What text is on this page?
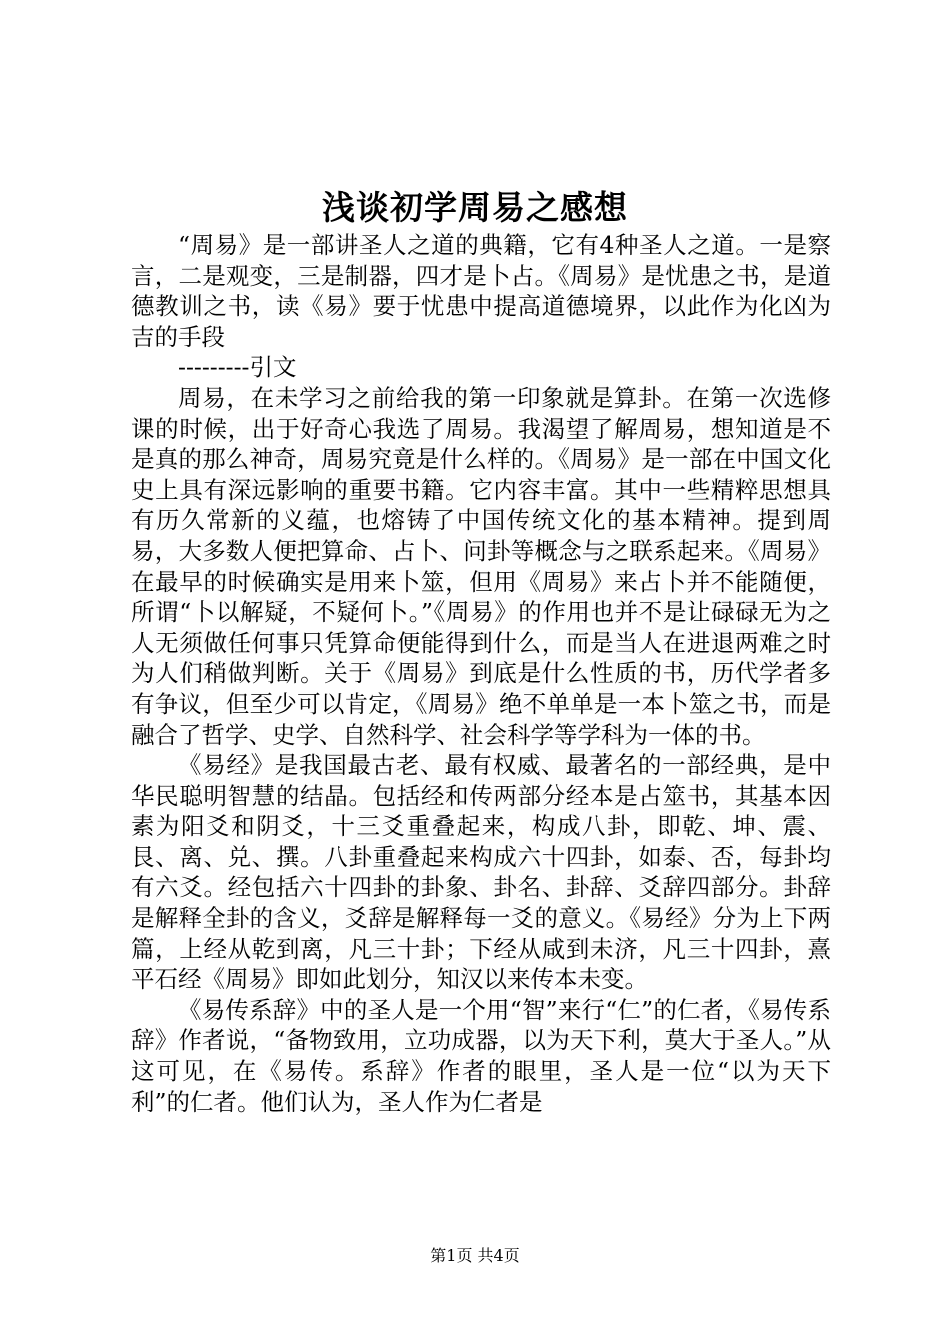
浅谈初学周易之感想

“周易》是一部讲圣人之道的典籍，它有4种圣人之道。一是察言，二是观变，三是制器，四才是卜占。《周易》是忧患之书，是道德教训之书，读《易》要于忧患中提高道德境界，以此作为化凶为吉的手段

---------引文

周易，在未学习之前给我的第一印象就是算卦。在第一次选修课的时候，出于好奇心我选了周易。我渴望了解周易，想知道是不是真的那么神奇，周易究竟是什么样的。《周易》是一部在中国文化史上具有深远影响的重要书籍。它内容丰富。其中一些精粹思想具有历久常新的义蕴，也熔铸了中国传统文化的基本精神。提到周易，大多数人便把算命、占卜、问卦等概念与之联系起来。《周易》在最早的时候确实是用来卜筮，但用《周易》来占卜并不能随便，所谓“卜以解疑，不疑何卜。”《周易》的作用也并不是让碌碌无为之人无须做任何事只凭算命便能得到什么，而是当人在进退两难之时为人们稍做判断。关于《周易》到底是什么性质的书，历代学者多有争议，但至少可以肯定，《周易》绝不单单是一本卜筮之书，而是融合了哲学、史学、自然科学、社会科学等学科为一体的书。

《易经》是我国最古老、最有权威、最著名的一部经典，是中华民聪明智慧的结晶。包括经和传两部分经本是占筮书，其基本因素为阳爻和阴爻，十三爻重叠起来，构成八卦，即乾、坤、震、艮、离、兑、撰。八卦重叠起来构成六十四卦，如泰、否，每卦均有六爻。经包括六十四卦的卦象、卦名、卦辞、爻辞四部分。卦辞是解释全卦的含义，爻辞是解释每一爻的意义。《易经》分为上下两篇，上经从乾到离，凡三十卦；下经从咸到未济，凡三十四卦，熹平石经《周易》即如此划分，知汉以来传本未变。

《易传系辞》中的圣人是一个用“智”来行“仁”的仁者，《易传系辞》作者说，“备物致用，立功成器，以为天下利，莫大于圣人。”从这可见，在《易传。系辞》作者的眼里，圣人是一位“以为天下利”的仁者。他们认为，圣人作为仁者是

第1页 共4页
